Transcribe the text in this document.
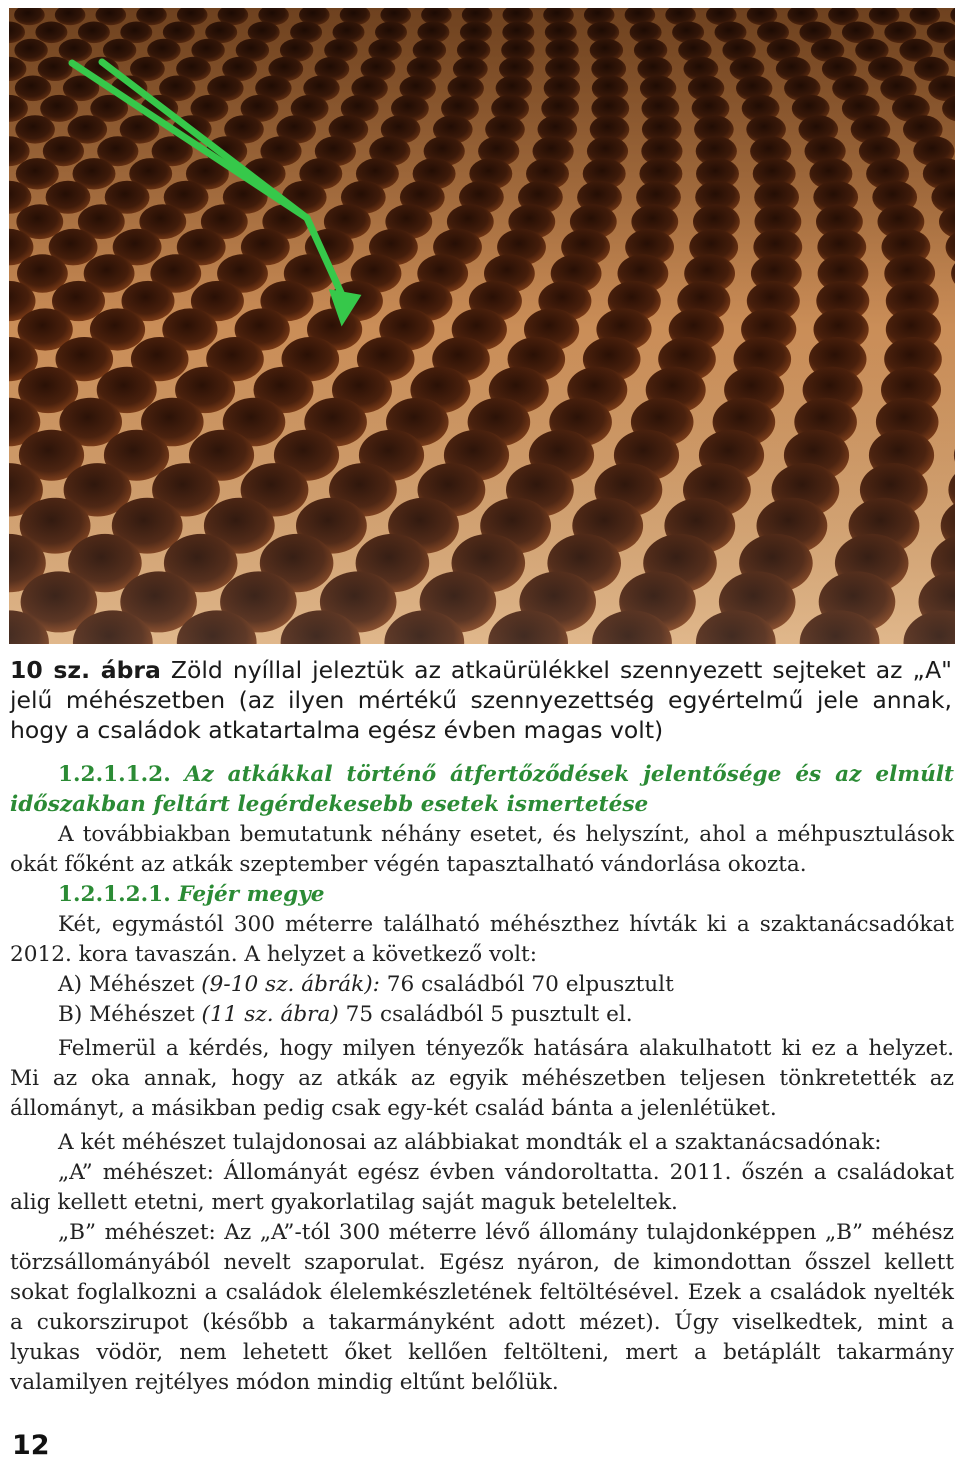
10 sz. ábra Zöld nyíllal jeleztük az atkaürülékkel szennyezett sejteket az „A" jelű méhészetben (az ilyen mértékű szennyezettség egyértelmű jele annak, hogy a családok atkatartalma egész évben magas volt)

1.2.1.1.2. Az atkákkal történő átfertőződések jelentősége és az elmúlt időszakban feltárt legérdekesebb esetek ismertetése

A továbbiakban bemutatunk néhány esetet, és helyszínt, ahol a méhpusztulások okát főként az atkák szeptember végén tapasztalható vándorlása okozta.

1.2.1.2.1. Fejér megye

Két, egymástól 300 méterre található méhészthez hívták ki a szaktanácsadókat 2012. kora tavaszán. A helyzet a következő volt:

A) Méhészet (9-10 sz. ábrák): 76 családból 70 elpusztult

B) Méhészet (11 sz. ábra) 75 családból 5 pusztult el.

Felmerül a kérdés, hogy milyen tényezők hatására alakulhatott ki ez a helyzet. Mi az oka annak, hogy az atkák az egyik méhészetben teljesen tönkretették az állományt, a másikban pedig csak egy-két család bánta a jelenlétüket.

A két méhészet tulajdonosai az alábbiakat mondták el a szaktanácsadónak:

„A” méhészet: Állományát egész évben vándoroltatta. 2011. őszén a családokat alig kellett etetni, mert gyakorlatilag saját maguk beteleltek.

„B” méhészet: Az „A”-tól 300 méterre lévő állomány tulajdonképpen „B” méhész törzsállományából nevelt szaporulat. Egész nyáron, de kimondottan ősszel kellett sokat foglalkozni a családok élelemkészletének feltöltésével. Ezek a családok nyelték a cukorszirupot (később a takarmányként adott mézet). Úgy viselkedtek, mint a lyukas vödör, nem lehetett őket kellően feltölteni, mert a betáplált takarmány valamilyen rejtélyes módon mindig eltűnt belőlük.

12
